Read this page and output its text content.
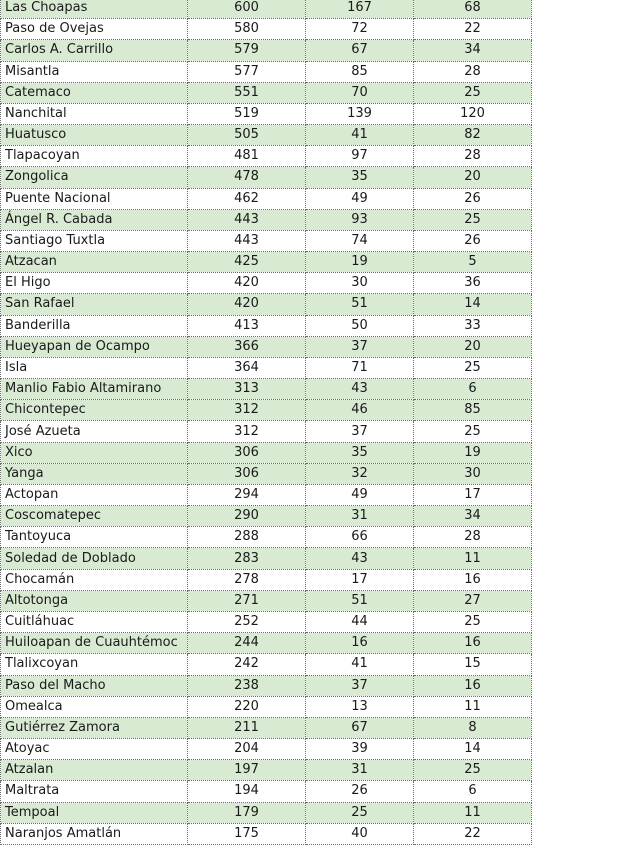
Las Choapas	600	167	68
Paso de Ovejas	580	72	22
Carlos A. Carrillo	579	67	34
Misantla	577	85	28
Catemaco	551	70	25
Nanchital	519	139	120
Huatusco	505	41	82
Tlapacoyan	481	97	28
Zongolica	478	35	20
Puente Nacional	462	49	26
Ángel R. Cabada	443	93	25
Santiago Tuxtla	443	74	26
Atzacan	425	19	5
El Higo	420	30	36
San Rafael	420	51	14
Banderilla	413	50	33
Hueyapan de Ocampo	366	37	20
Isla	364	71	25
Manlio Fabio Altamirano	313	43	6
Chicontepec	312	46	85
José Azueta	312	37	25
Xico	306	35	19
Yanga	306	32	30
Actopan	294	49	17
Coscomatepec	290	31	34
Tantoyuca	288	66	28
Soledad de Doblado	283	43	11
Chocamán	278	17	16
Altotonga	271	51	27
Cuitláhuac	252	44	25
Huiloapan de Cuauhtémoc	244	16	16
Tlalixcoyan	242	41	15
Paso del Macho	238	37	16
Omealca	220	13	11
Gutiérrez Zamora	211	67	8
Atoyac	204	39	14
Atzalan	197	31	25
Maltrata	194	26	6
Tempoal	179	25	11
Naranjos Amatlán	175	40	22
